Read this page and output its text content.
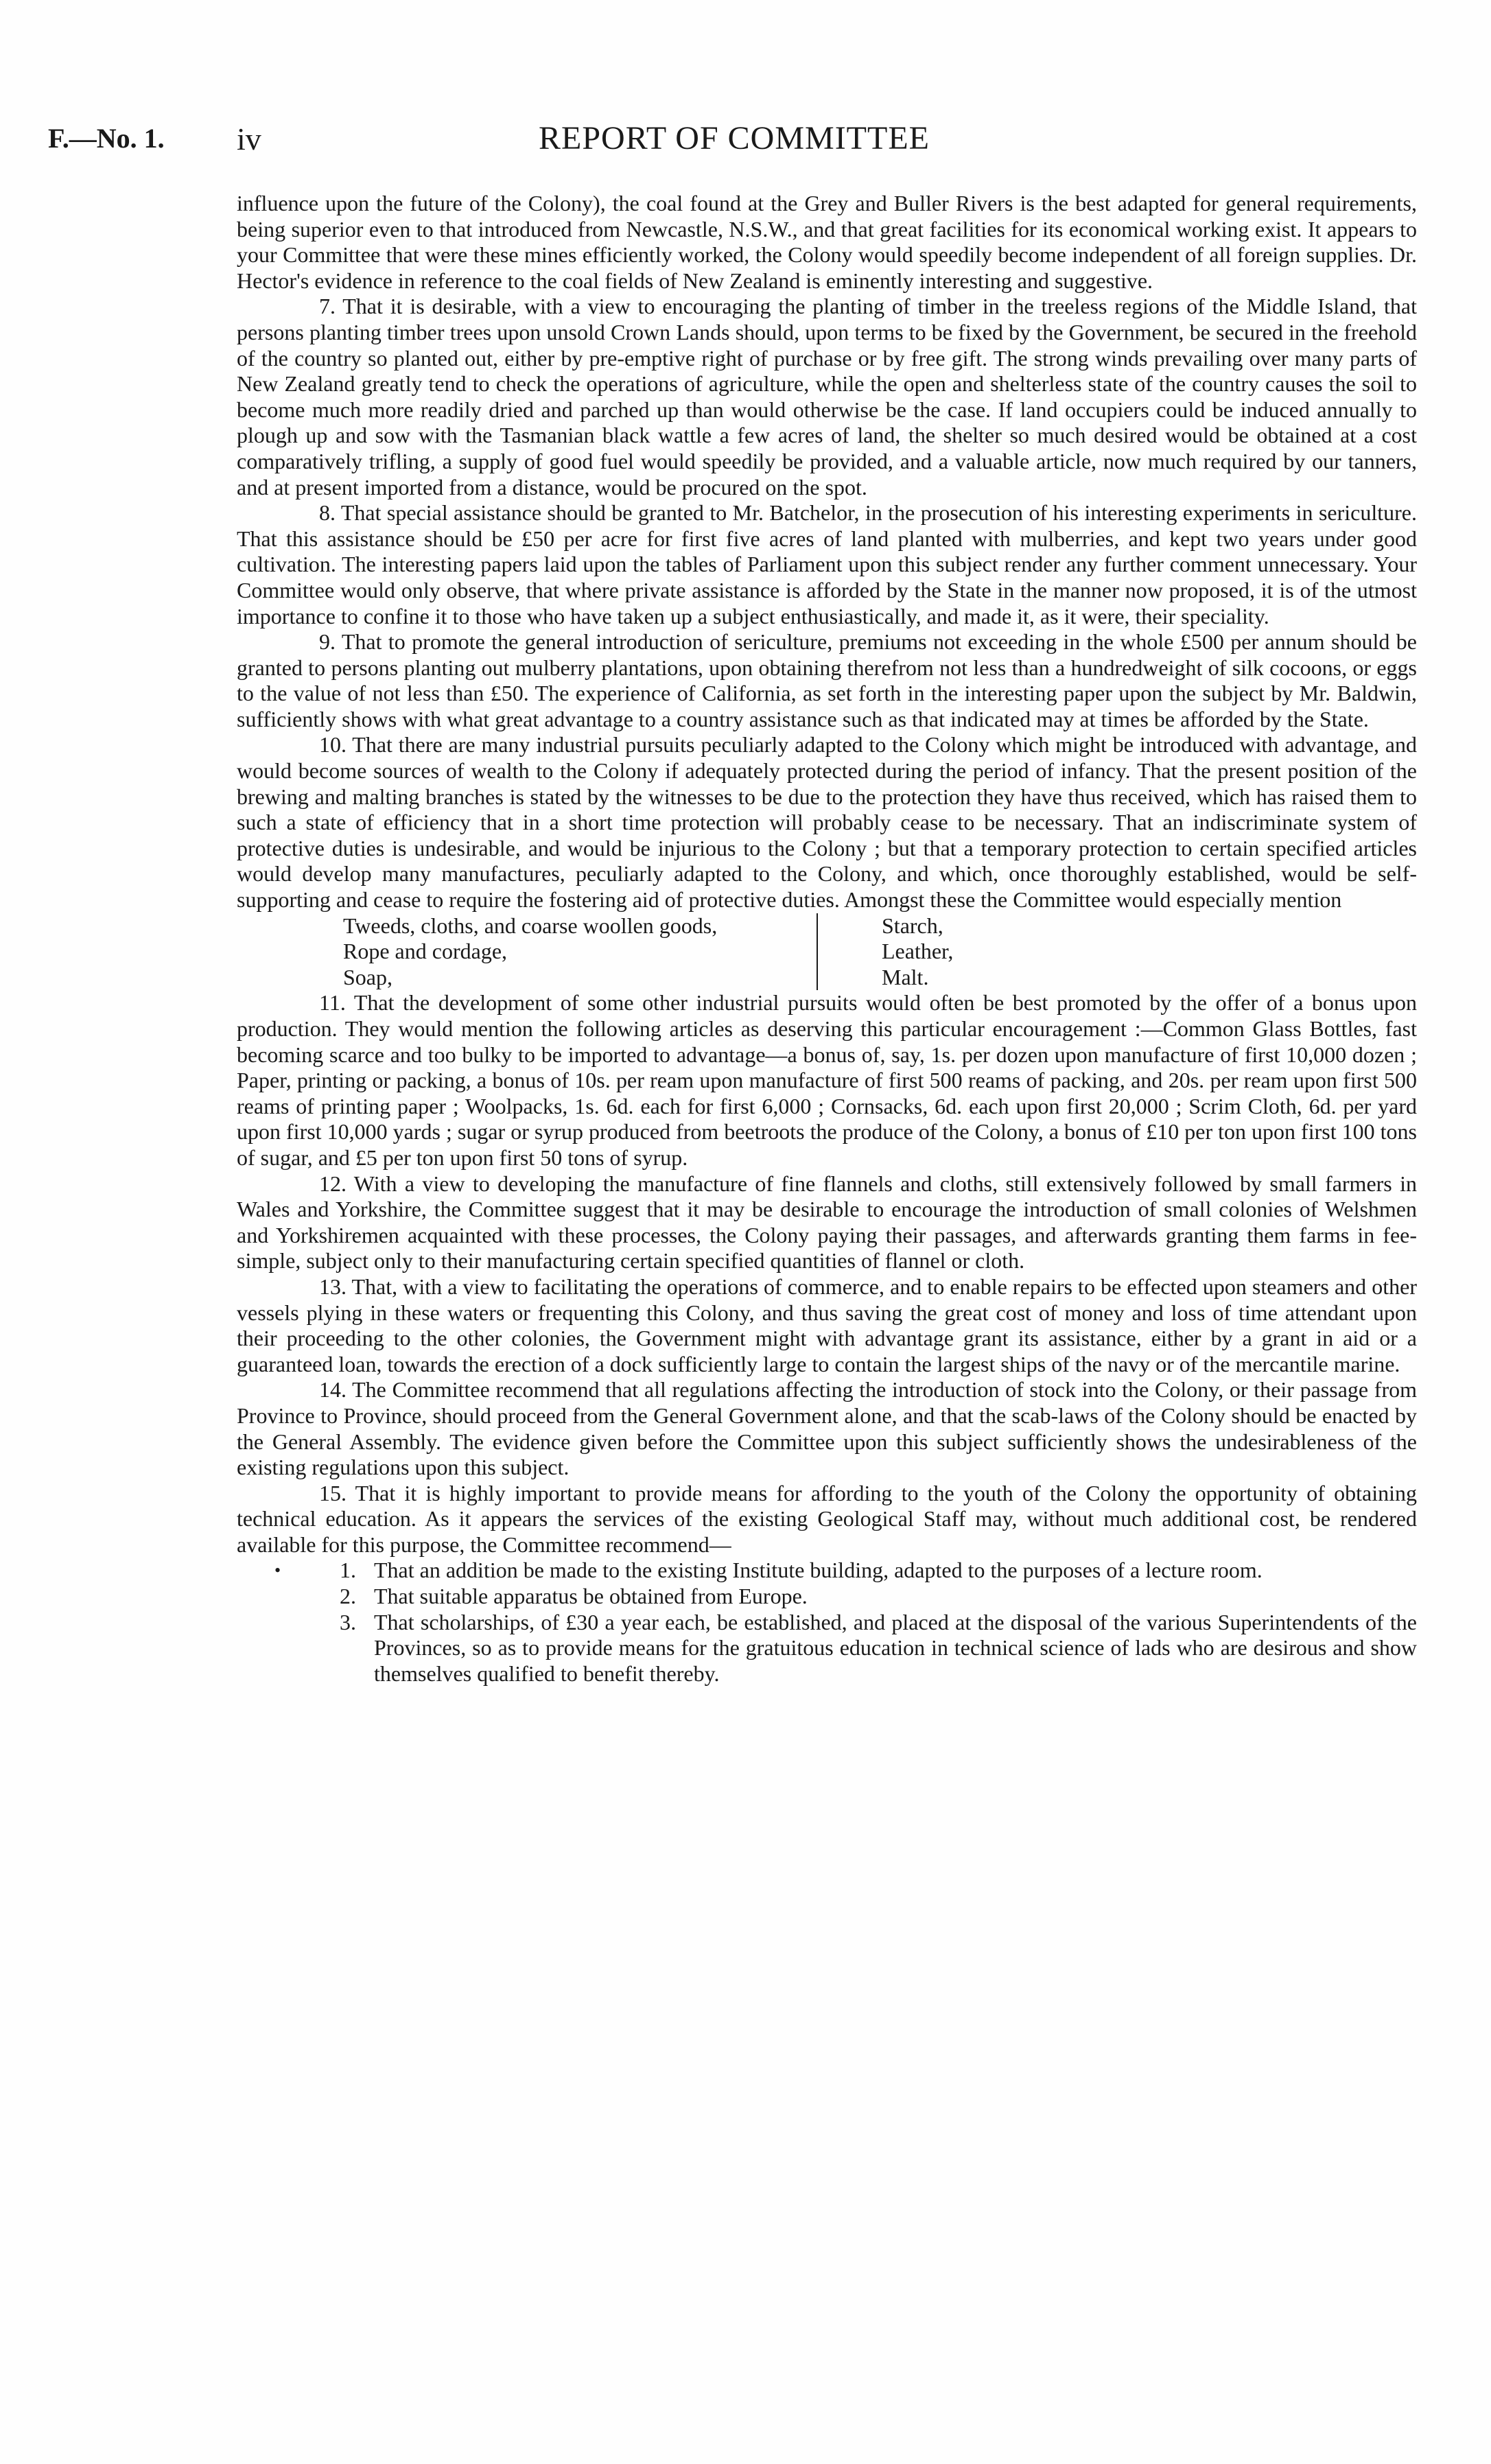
F.—No. 1. iv	REPORT OF COMMITTEE

influence upon the future of the Colony), the coal found at the Grey and Buller Rivers is the best adapted for general requirements, being superior even to that introduced from Newcastle, N.S.W., and that great facilities for its economical working exist. It appears to your Committee that were these mines efficiently worked, the Colony would speedily become independent of all foreign supplies. Dr. Hector's evidence in reference to the coal fields of New Zealand is eminently interesting and suggestive.

7. That it is desirable, with a view to encouraging the planting of timber in the treeless regions of the Middle Island, that persons planting timber trees upon unsold Crown Lands should, upon terms to be fixed by the Government, be secured in the freehold of the country so planted out, either by pre-emptive right of purchase or by free gift. The strong winds prevailing over many parts of New Zealand greatly tend to check the operations of agriculture, while the open and shelterless state of the country causes the soil to become much more readily dried and parched up than would otherwise be the case. If land occupiers could be induced annually to plough up and sow with the Tasmanian black wattle a few acres of land, the shelter so much desired would be obtained at a cost comparatively trifling, a supply of good fuel would speedily be provided, and a valuable article, now much required by our tanners, and at present imported from a distance, would be procured on the spot.

8. That special assistance should be granted to Mr. Batchelor, in the prosecution of his interesting experiments in sericulture. That this assistance should be £50 per acre for first five acres of land planted with mulberries, and kept two years under good cultivation. The interesting papers laid upon the tables of Parliament upon this subject render any further comment unnecessary. Your Committee would only observe, that where private assistance is afforded by the State in the manner now proposed, it is of the utmost importance to confine it to those who have taken up a subject enthusiastically, and made it, as it were, their speciality.

9. That to promote the general introduction of sericulture, premiums not exceeding in the whole £500 per annum should be granted to persons planting out mulberry plantations, upon obtaining therefrom not less than a hundredweight of silk cocoons, or eggs to the value of not less than £50. The experience of California, as set forth in the interesting paper upon the subject by Mr. Baldwin, sufficiently shows with what great advantage to a country assistance such as that indicated may at times be afforded by the State.

10. That there are many industrial pursuits peculiarly adapted to the Colony which might be introduced with advantage, and would become sources of wealth to the Colony if adequately protected during the period of infancy. That the present position of the brewing and malting branches is stated by the witnesses to be due to the protection they have thus received, which has raised them to such a state of efficiency that in a short time protection will probably cease to be necessary. That an indiscriminate system of protective duties is undesirable, and would be injurious to the Colony ; but that a temporary protection to certain specified articles would develop many manufactures, peculiarly adapted to the Colony, and which, once thoroughly established, would be self-supporting and cease to require the fostering aid of protective duties. Amongst these the Committee would especially mention

Tweeds, cloths, and coarse woollen goods,	Starch,
Rope and cordage,	Leather,
Soap,	Malt.

11. That the development of some other industrial pursuits would often be best promoted by the offer of a bonus upon production. They would mention the following articles as deserving this particular encouragement :—Common Glass Bottles, fast becoming scarce and too bulky to be imported to advantage—a bonus of, say, 1s. per dozen upon manufacture of first 10,000 dozen ; Paper, printing or packing, a bonus of 10s. per ream upon manufacture of first 500 reams of packing, and 20s. per ream upon first 500 reams of printing paper ; Woolpacks, 1s. 6d. each for first 6,000 ; Cornsacks, 6d. each upon first 20,000 ; Scrim Cloth, 6d. per yard upon first 10,000 yards ; sugar or syrup produced from beetroots the produce of the Colony, a bonus of £10 per ton upon first 100 tons of sugar, and £5 per ton upon first 50 tons of syrup.

12. With a view to developing the manufacture of fine flannels and cloths, still extensively followed by small farmers in Wales and Yorkshire, the Committee suggest that it may be desirable to encourage the introduction of small colonies of Welshmen and Yorkshiremen acquainted with these processes, the Colony paying their passages, and afterwards granting them farms in fee-simple, subject only to their manufacturing certain specified quantities of flannel or cloth.

13. That, with a view to facilitating the operations of commerce, and to enable repairs to be effected upon steamers and other vessels plying in these waters or frequenting this Colony, and thus saving the great cost of money and loss of time attendant upon their proceeding to the other colonies, the Government might with advantage grant its assistance, either by a grant in aid or a guaranteed loan, towards the erection of a dock sufficiently large to contain the largest ships of the navy or of the mercantile marine.

14. The Committee recommend that all regulations affecting the introduction of stock into the Colony, or their passage from Province to Province, should proceed from the General Government alone, and that the scab-laws of the Colony should be enacted by the General Assembly. The evidence given before the Committee upon this subject sufficiently shows the undesirableness of the existing regulations upon this subject.

15. That it is highly important to provide means for affording to the youth of the Colony the opportunity of obtaining technical education. As it appears the services of the existing Geological Staff may, without much additional cost, be rendered available for this purpose, the Committee recommend—

•	1. That an addition be made to the existing Institute building, adapted to the purposes of a lecture room.
2. That suitable apparatus be obtained from Europe.
3. That scholarships, of £30 a year each, be established, and placed at the disposal of the various Superintendents of the Provinces, so as to provide means for the gratuitous education in technical science of lads who are desirous and show themselves qualified to benefit thereby.
